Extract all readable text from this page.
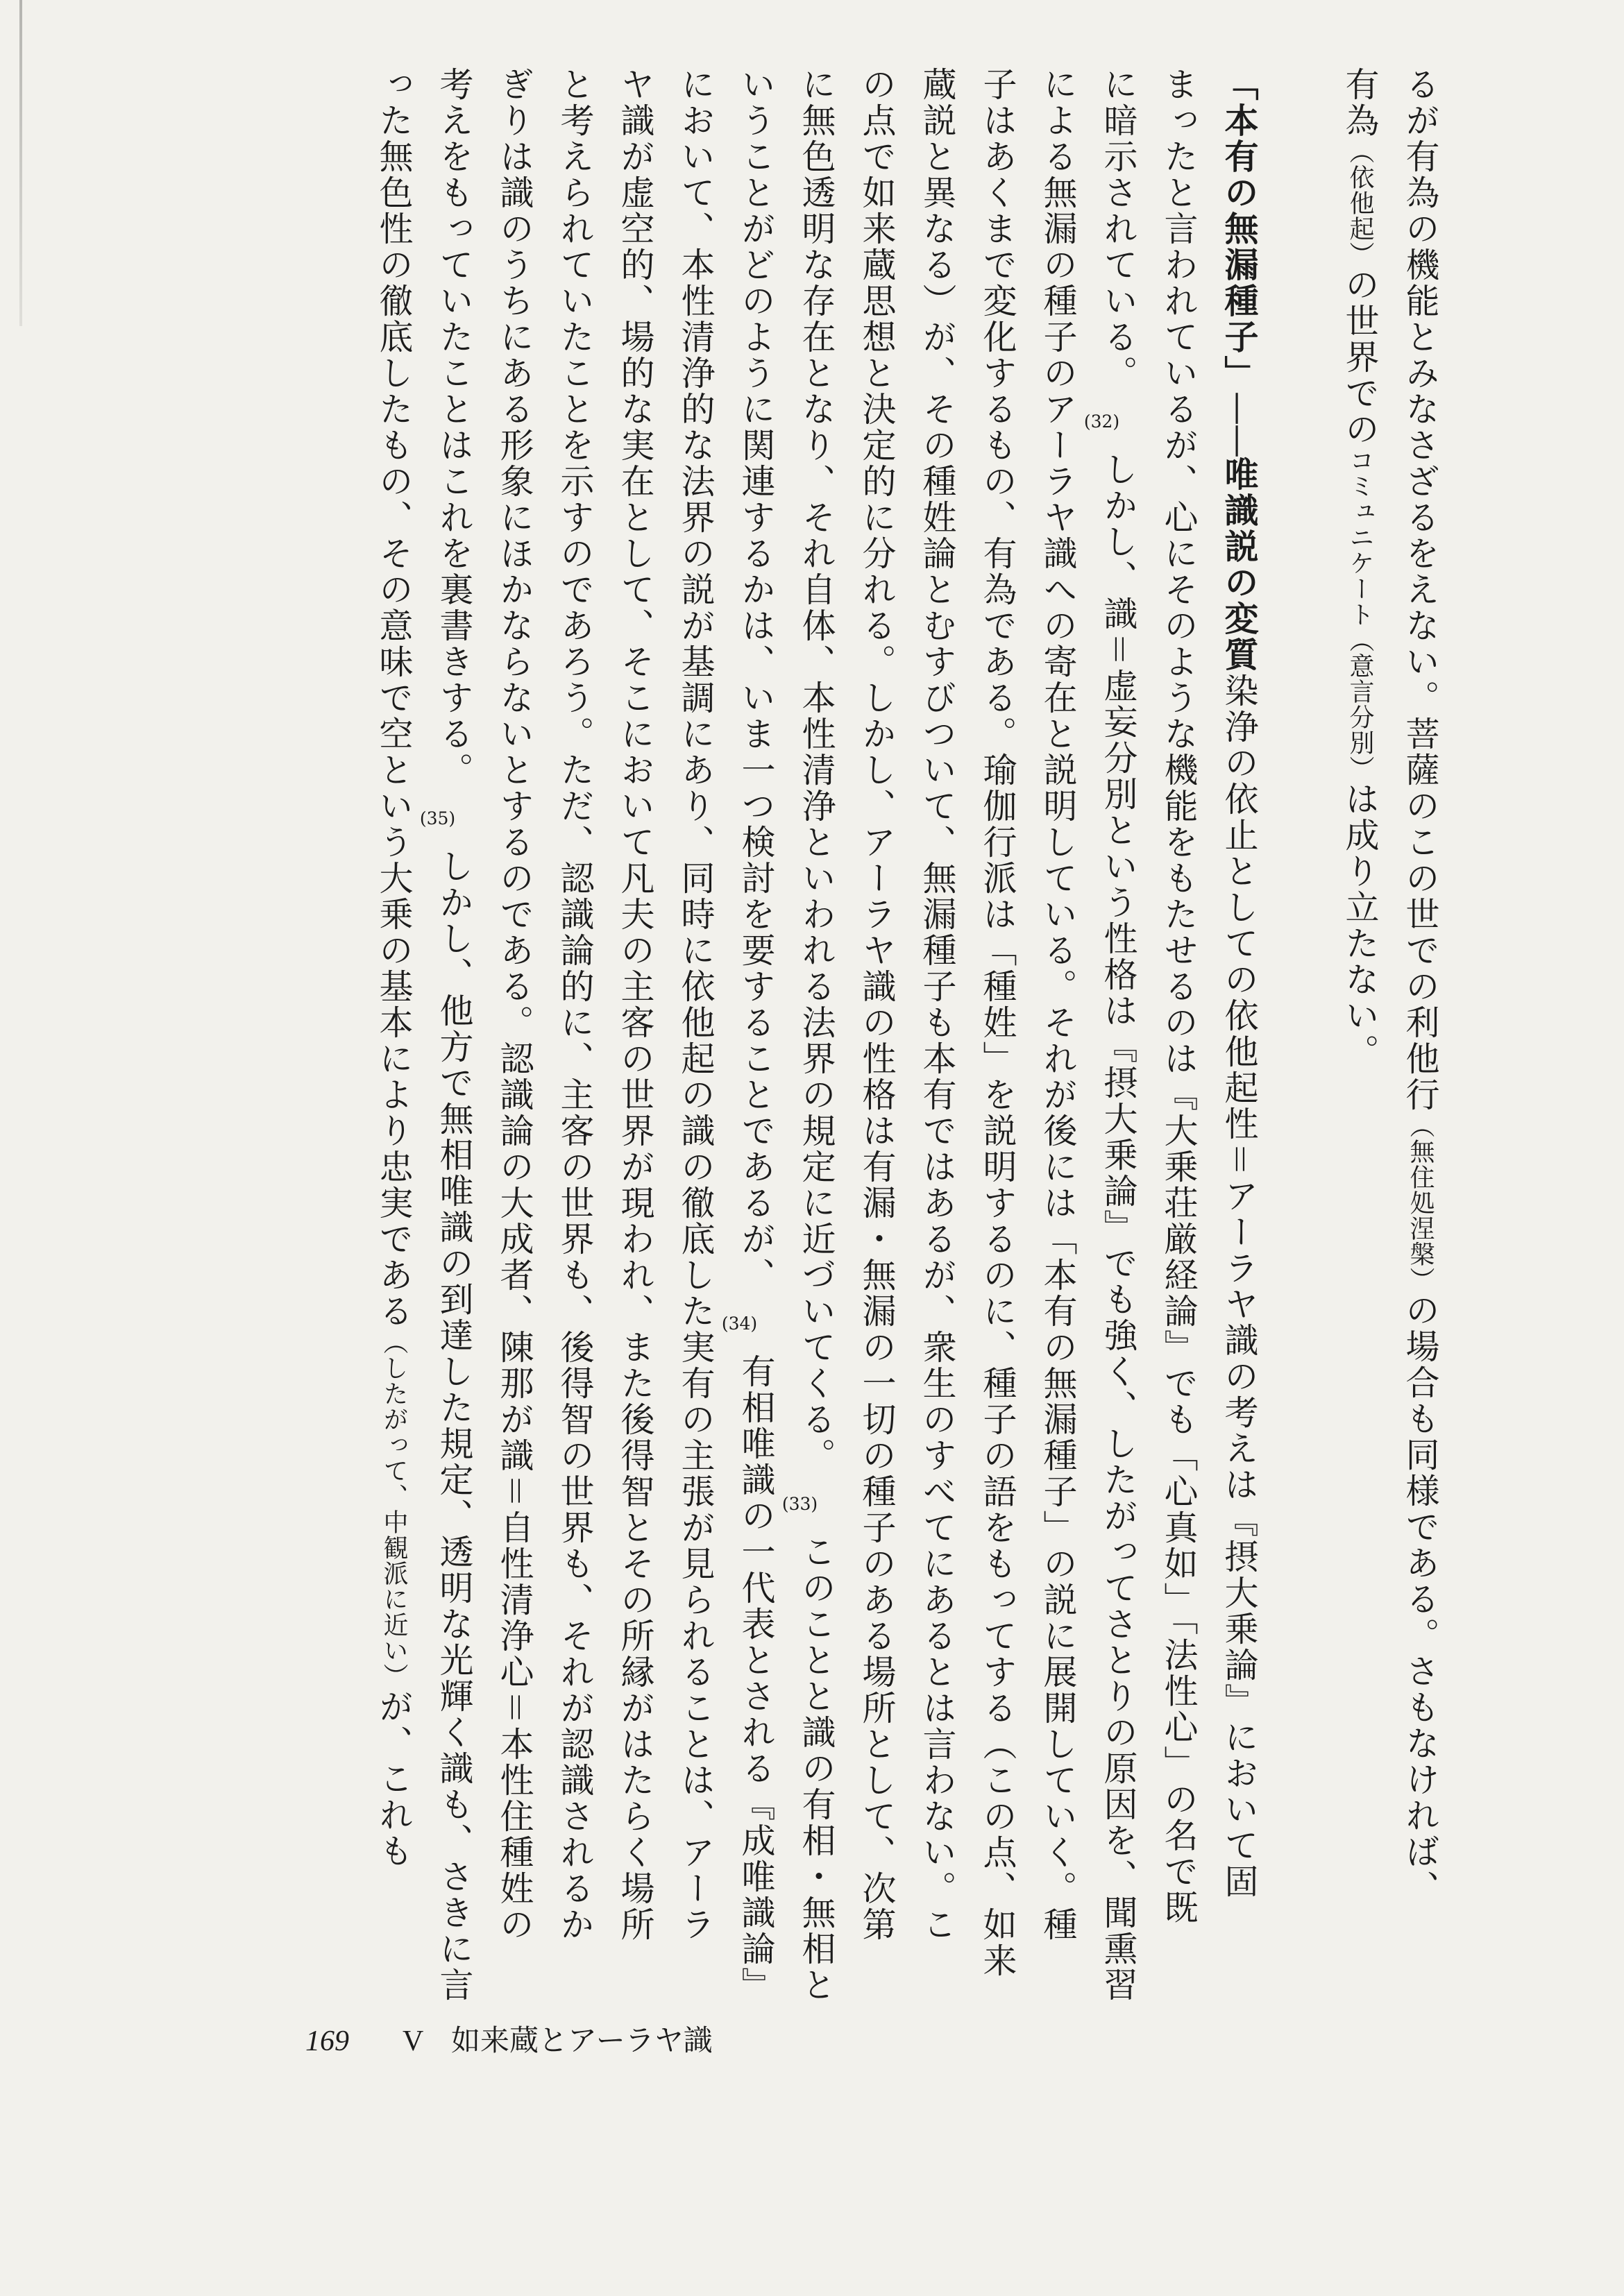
るが有為の機能とみなさざるをえない。菩薩のこの世での利他行（無住処涅槃）の場合も同様である。さもなければ、
有為（依他起）の世界でのコミュニケート（意言分別）は成り立たない。
「本有の無漏種子」——唯識説の変質染浄の依止としての依他起性＝アーラヤ識の考えは『摂大乗論』において固
まったと言われているが、心にそのような機能をもたせるのは『大乗荘厳経論』でも「心真如」「法性心」の名で既
に暗示されている。(32)しかし、識＝虚妄分別という性格は『摂大乗論』でも強く、したがってさとりの原因を、聞熏習
による無漏の種子のアーラヤ識への寄在と説明している。それが後には「本有の無漏種子」の説に展開していく。種
子はあくまで変化するもの、有為である。瑜伽行派は「種姓」を説明するのに、種子の語をもってする（この点、如来
蔵説と異なる）が、その種姓論とむすびついて、無漏種子も本有ではあるが、衆生のすべてにあるとは言わない。こ
の点で如来蔵思想と決定的に分れる。しかし、アーラヤ識の性格は有漏・無漏の一切の種子のある場所として、次第
に無色透明な存在となり、それ自体、本性清浄といわれる法界の規定に近づいてくる。(33)このことと識の有相・無相と
いうことがどのように関連するかは、いま一つ検討を要することであるが、(34)有相唯識の一代表とされる『成唯識論』
において、本性清浄的な法界の説が基調にあり、同時に依他起の識の徹底した実有の主張が見られることは、アーラ
ヤ識が虚空的、場的な実在として、そこにおいて凡夫の主客の世界が現われ、また後得智とその所縁がはたらく場所
と考えられていたことを示すのであろう。ただ、認識論的に、主客の世界も、後得智の世界も、それが認識されるか
ぎりは識のうちにある形象にほかならないとするのである。認識論の大成者、陳那が識＝自性清浄心＝本性住種姓の
考えをもっていたことはこれを裏書きする。(35)しかし、他方で無相唯識の到達した規定、透明な光輝く識も、さきに言
った無色性の徹底したもの、その意味で空という大乗の基本により忠実である（したがって、中観派に近い）が、これも
169	V 如来蔵とアーラヤ識
